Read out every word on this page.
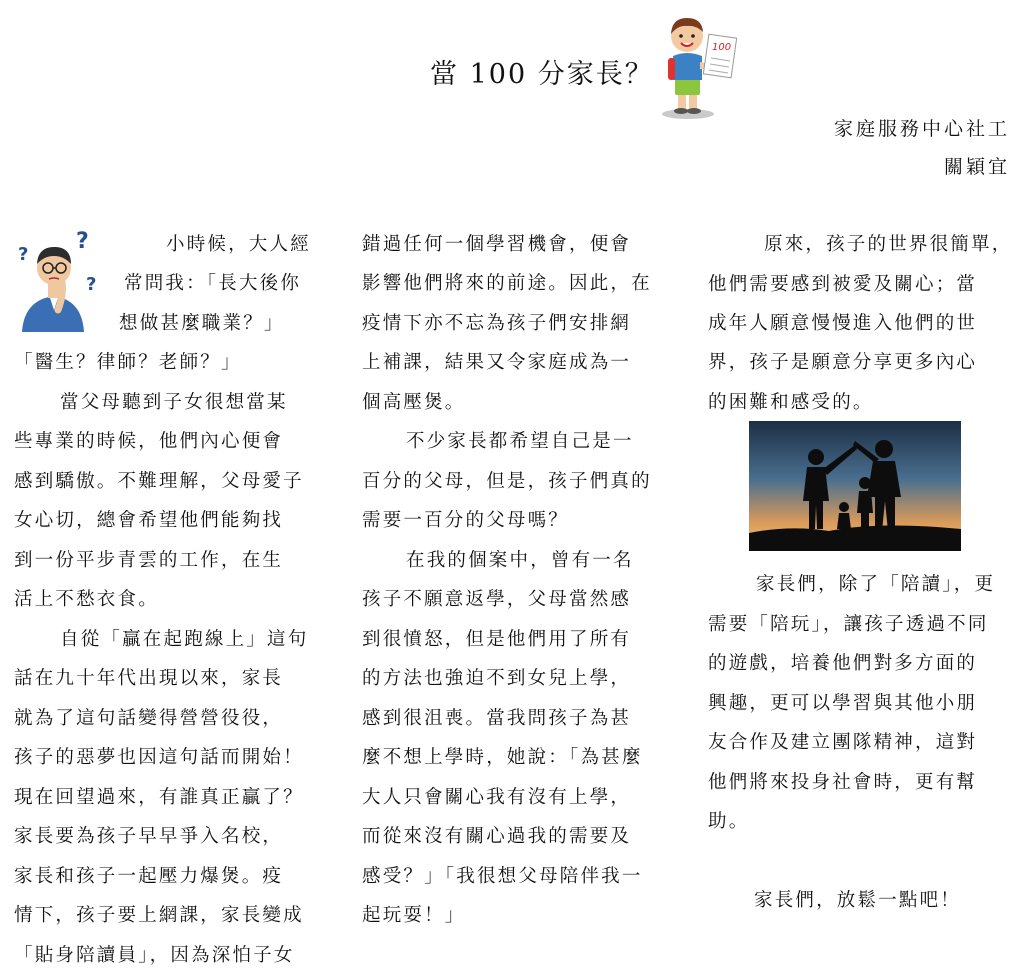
當 100 分家長？
100
家庭服務中心社工
關穎宜
?
?
?
小時候，大人經
常問我：「長大後你
想做甚麼職業？」
「醫生？律師？老師？」
當父母聽到子女很想當某
些專業的時候，他們內心便會
感到驕傲。不難理解，父母愛子
女心切，總會希望他們能夠找
到一份平步青雲的工作，在生
活上不愁衣食。
自從「贏在起跑線上」這句
話在九十年代出現以來，家長
就為了這句話變得營營役役，
孩子的惡夢也因這句話而開始！
現在回望過來，有誰真正贏了？
家長要為孩子早早爭入名校，
家長和孩子一起壓力爆煲。疫
情下，孩子要上網課，家長變成
「貼身陪讀員」，因為深怕子女
錯過任何一個學習機會，便會
影響他們將來的前途。因此，在
疫情下亦不忘為孩子們安排網
上補課，結果又令家庭成為一
個高壓煲。
不少家長都希望自己是一
百分的父母，但是，孩子們真的
需要一百分的父母嗎？
在我的個案中，曾有一名
孩子不願意返學，父母當然感
到很憤怒，但是他們用了所有
的方法也強迫不到女兒上學，
感到很沮喪。當我問孩子為甚
麼不想上學時，她說：「為甚麼
大人只會關心我有沒有上學，
而從來沒有關心過我的需要及
感受？」「我很想父母陪伴我一
起玩耍！」
原來，孩子的世界很簡單，
他們需要感到被愛及關心；當
成年人願意慢慢進入他們的世
界，孩子是願意分享更多內心
的困難和感受的。
家長們，除了「陪讀」，更
需要「陪玩」，讓孩子透過不同
的遊戲，培養他們對多方面的
興趣，更可以學習與其他小朋
友合作及建立團隊精神，這對
他們將來投身社會時，更有幫
助。
家長們，放鬆一點吧！
